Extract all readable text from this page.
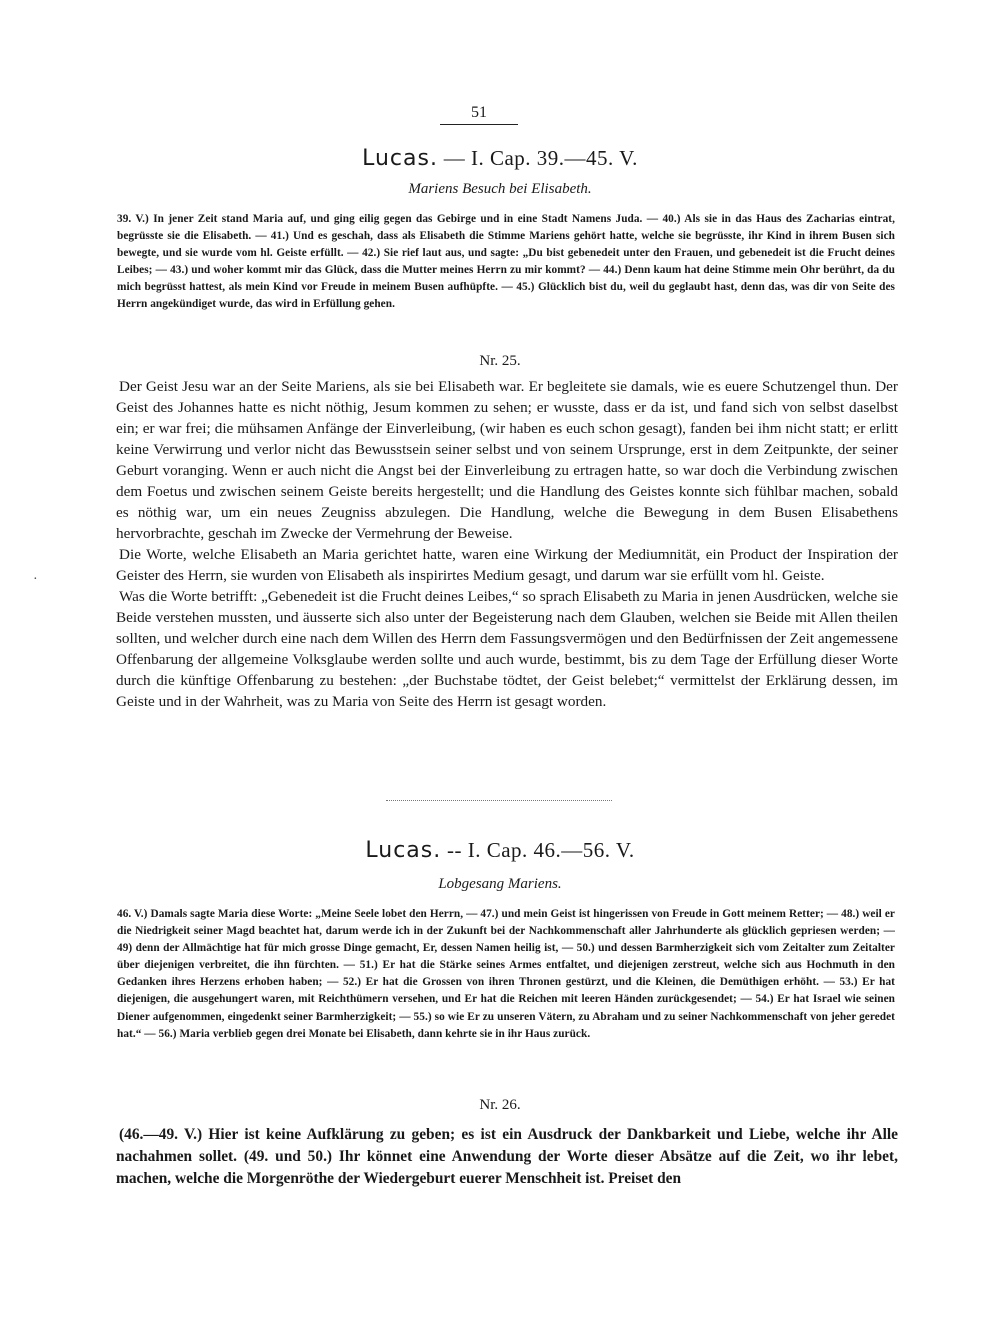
51
Lucas. — I. Cap. 39.—45. V.
Mariens Besuch bei Elisabeth.

39. V.) In jener Zeit stand Maria auf, und ging eilig gegen das Gebirge und in eine Stadt Namens Juda. — 40.) Als sie in das Haus des Zacharias eintrat, begrüsste sie die Elisabeth. — 41.) Und es geschah, dass als Elisabeth die Stimme Mariens gehört hatte, welche sie begrüsste, ihr Kind in ihrem Busen sich bewegte, und sie wurde vom hl. Geiste erfüllt. — 42.) Sie rief laut aus, und sagte: „Du bist gebenedeit unter den Frauen, und gebenedeit ist die Frucht deines Leibes; — 43.) und woher kommt mir das Glück, dass die Mutter meines Herrn zu mir kommt? — 44.) Denn kaum hat deine Stimme mein Ohr berührt, da du mich begrüsst hattest, als mein Kind vor Freude in meinem Busen aufhüpfte. — 45.) Glücklich bist du, weil du geglaubt hast, denn das, was dir von Seite des Herrn angekündiget wurde, das wird in Erfüllung gehen.

Nr. 25.

Der Geist Jesu war an der Seite Mariens, als sie bei Elisabeth war. Er begleitete sie damals, wie es euere Schutzengel thun. Der Geist des Johannes hatte es nicht nöthig, Jesum kommen zu sehen; er wusste, dass er da ist, und fand sich von selbst daselbst ein; er war frei; die mühsamen Anfänge der Einverleibung, (wir haben es euch schon gesagt), fanden bei ihm nicht statt; er erlitt keine Verwirrung und verlor nicht das Bewusstsein seiner selbst und von seinem Ursprunge, erst in dem Zeitpunkte, der seiner Geburt voranging. Wenn er auch nicht die Angst bei der Einverleibung zu ertragen hatte, so war doch die Verbindung zwischen dem Foetus und zwischen seinem Geiste bereits hergestellt; und die Handlung des Geistes konnte sich fühlbar machen, sobald es nöthig war, um ein neues Zeugniss abzulegen. Die Handlung, welche die Bewegung in dem Busen Elisabethens hervorbrachte, geschah im Zwecke der Vermehrung der Beweise.

Die Worte, welche Elisabeth an Maria gerichtet hatte, waren eine Wirkung der Mediumnität, ein Product der Inspiration der Geister des Herrn, sie wurden von Elisabeth als inspirirtes Medium gesagt, und darum war sie erfüllt vom hl. Geiste.

Was die Worte betrifft: „Gebenedeit ist die Frucht deines Leibes,“ so sprach Elisabeth zu Maria in jenen Ausdrücken, welche sie Beide verstehen mussten, und äusserte sich also unter der Begeisterung nach dem Glauben, welchen sie Beide mit Allen theilen sollten, und welcher durch eine nach dem Willen des Herrn dem Fassungsvermögen und den Bedürfnissen der Zeit angemessene Offenbarung der allgemeine Volksglaube werden sollte und auch wurde, bestimmt, bis zu dem Tage der Erfüllung dieser Worte durch die künftige Offenbarung zu bestehen: „der Buchstabe tödtet, der Geist belebet;“ vermittelst der Erklärung dessen, im Geiste und in der Wahrheit, was zu Maria von Seite des Herrn ist gesagt worden.

·
Lucas. -- I. Cap. 46.—56. V.
Lobgesang Mariens.

46. V.) Damals sagte Maria diese Worte: „Meine Seele lobet den Herrn, — 47.) und mein Geist ist hingerissen von Freude in Gott meinem Retter; — 48.) weil er die Niedrigkeit seiner Magd beachtet hat, darum werde ich in der Zukunft bei der Nachkommenschaft aller Jahrhunderte als glücklich gepriesen werden; — 49) denn der Allmächtige hat für mich grosse Dinge gemacht, Er, dessen Namen heilig ist, — 50.) und dessen Barmherzigkeit sich vom Zeitalter zum Zeitalter über diejenigen verbreitet, die ihn fürchten. — 51.) Er hat die Stärke seines Armes entfaltet, und diejenigen zerstreut, welche sich aus Hochmuth in den Gedanken ihres Herzens erhoben haben; — 52.) Er hat die Grossen von ihren Thronen gestürzt, und die Kleinen, die Demüthigen erhöht. — 53.) Er hat diejenigen, die ausgehungert waren, mit Reichthümern versehen, und Er hat die Reichen mit leeren Händen zurückgesendet; — 54.) Er hat Israel wie seinen Diener aufgenommen, eingedenkt seiner Barmherzigkeit; — 55.) so wie Er zu unseren Vätern, zu Abraham und zu seiner Nachkommenschaft von jeher geredet hat.“ — 56.) Maria verblieb gegen drei Monate bei Elisabeth, dann kehrte sie in ihr Haus zurück.

Nr. 26.

(46.—49. V.) Hier ist keine Aufklärung zu geben; es ist ein Ausdruck der Dankbarkeit und Liebe, welche ihr Alle nachahmen sollet. (49. und 50.) Ihr könnet eine Anwendung der Worte dieser Absätze auf die Zeit, wo ihr lebet, machen, welche die Morgenröthe der Wiedergeburt euerer Menschheit ist. Preiset den
